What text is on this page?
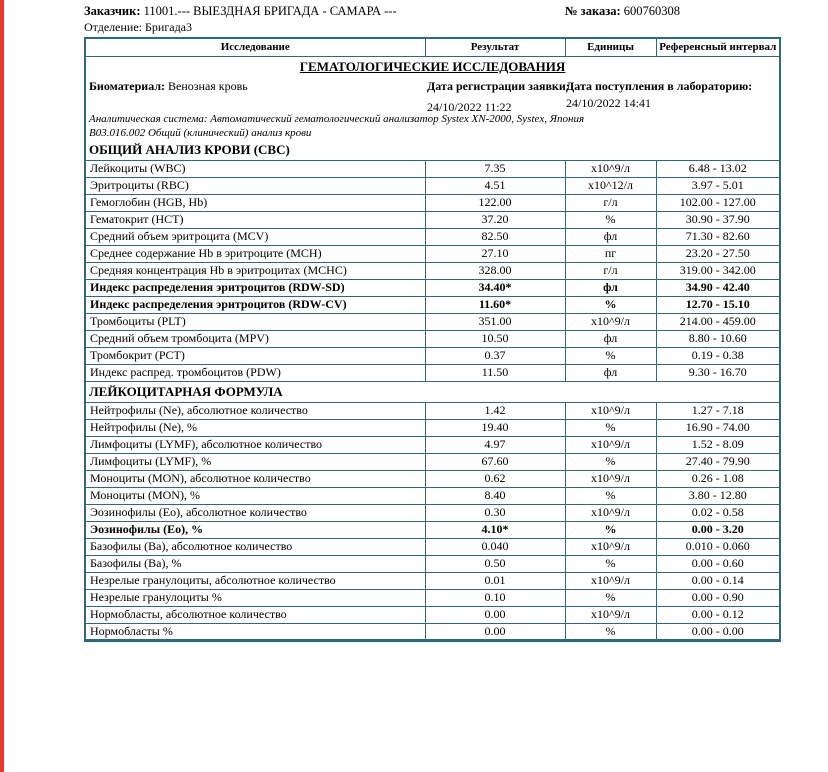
Заказчик: 11001.--- ВЫЕЗДНАЯ БРИГАДА - САМАРА ---	№ заказа: 600760308
Отделение: Бригада3
Исследование	Результат	Единицы	Референсный интервал
ГЕМАТОЛОГИЧЕСКИЕ ИССЛЕДОВАНИЯ			

Биоматериал: Венозная кровь Дата регистрации заявки:
24/10/2022 11:22
Дата поступления в лабораторию:
24/10/2022 14:41			

Аналитическая система: Автоматический гематологический анализатор Systex XN-2000, Systex, Япония			
B03.016.002 Общий (клинический) анализ крови			
ОБЩИЙ АНАЛИЗ КРОВИ (CBC)			
Лейкоциты (WBC)	7.35	x10^9/л	6.48 - 13.02
Эритроциты (RBC)	4.51	x10^12/л	3.97 - 5.01
Гемоглобин (HGB, Hb)	122.00	г/л	102.00 - 127.00
Гематокрит (HCT)	37.20	%	30.90 - 37.90
Средний объем эритроцита (MCV)	82.50	фл	71.30 - 82.60
Среднее содержание Hb в эритроците (MCH)	27.10	пг	23.20 - 27.50
Средняя концентрация Hb в эритроцитах (MCHC)	328.00	г/л	319.00 - 342.00
Индекс распределения эритроцитов (RDW-SD)	34.40*	фл	34.90 - 42.40
Индекс распределения эритроцитов (RDW-CV)	11.60*	%	12.70 - 15.10
Тромбоциты (PLT)	351.00	x10^9/л	214.00 - 459.00
Средний объем тромбоцита (MPV)	10.50	фл	8.80 - 10.60
Тромбокрит (PCT)	0.37	%	0.19 - 0.38
Индекс распред. тромбоцитов (PDW)	11.50	фл	9.30 - 16.70
ЛЕЙКОЦИТАРНАЯ ФОРМУЛА			
Нейтрофилы (Ne), абсолютное количество	1.42	x10^9/л	1.27 - 7.18
Нейтрофилы (Ne), %	19.40	%	16.90 - 74.00
Лимфоциты (LYMF), абсолютное количество	4.97	x10^9/л	1.52 - 8.09
Лимфоциты (LYMF), %	67.60	%	27.40 - 79.90
Моноциты (MON), абсолютное количество	0.62	x10^9/л	0.26 - 1.08
Моноциты (MON), %	8.40	%	3.80 - 12.80
Эозинофилы (Eo), абсолютное количество	0.30	x10^9/л	0.02 - 0.58
Эозинофилы (Eo), %	4.10*	%	0.00 - 3.20
Базофилы (Ba), абсолютное количество	0.040	x10^9/л	0.010 - 0.060
Базофилы (Ba), %	0.50	%	0.00 - 0.60
Незрелые гранулоциты, абсолютное количество	0.01	x10^9/л	0.00 - 0.14
Незрелые гранулоциты %	0.10	%	0.00 - 0.90
Нормобласты, абсолютное количество	0.00	x10^9/л	0.00 - 0.12
Нормобласты %	0.00	%	0.00 - 0.00
